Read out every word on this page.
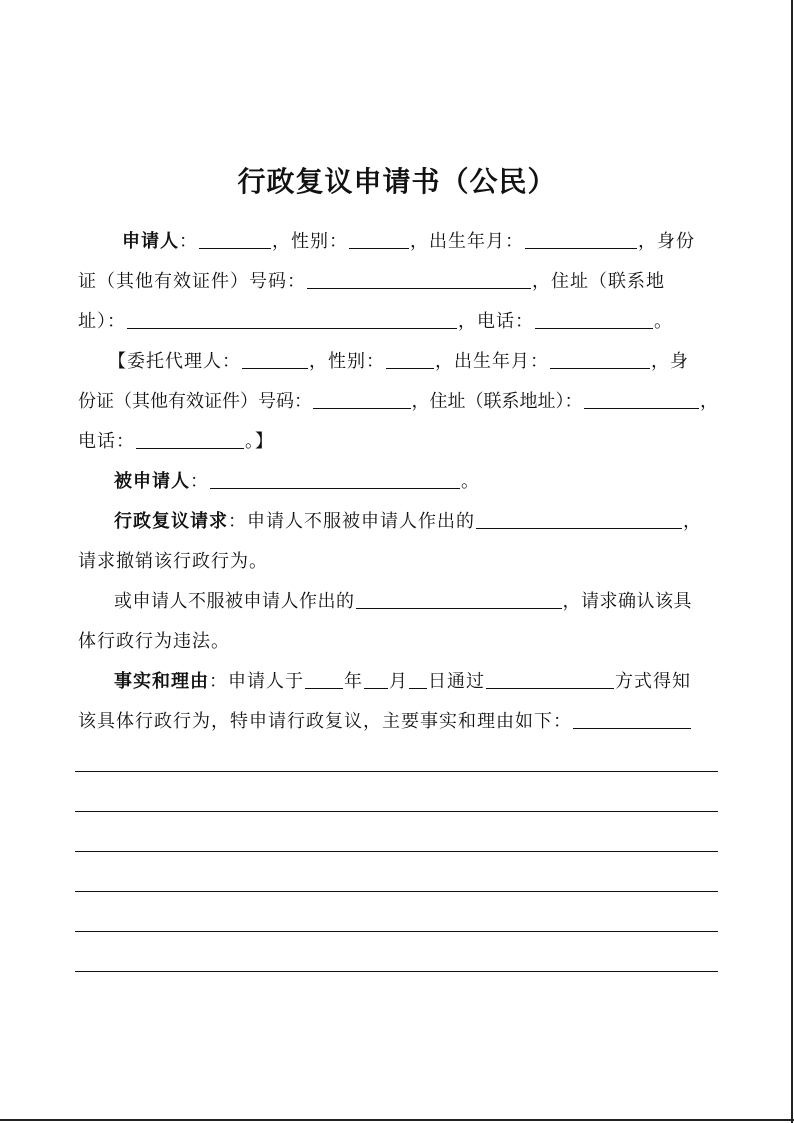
行政复议申请书（公民）
申请人 ：	，性别：	，出生年月：	，身份
证（其他有效证件）号码：	，住址（联系地
址）：	，电话：	。
【委托代理人：	，性别：	，出生年月：	，身
份证（其他有效证件）号码：	，住址（联系地址）：	，
电话：	。】
被申请人 ：	。
行政复议请求 ： 申请人不服被申请人作出的	，
请求撤销该行政行为。
或申请人不服被申请人作出的	，请求确认该具
体行政行为违法。
事实和理由 ： 申请人于 年 月 日通过	方式得知
该具体行政行为，特申请行政复议，主要事实和理由如下：
